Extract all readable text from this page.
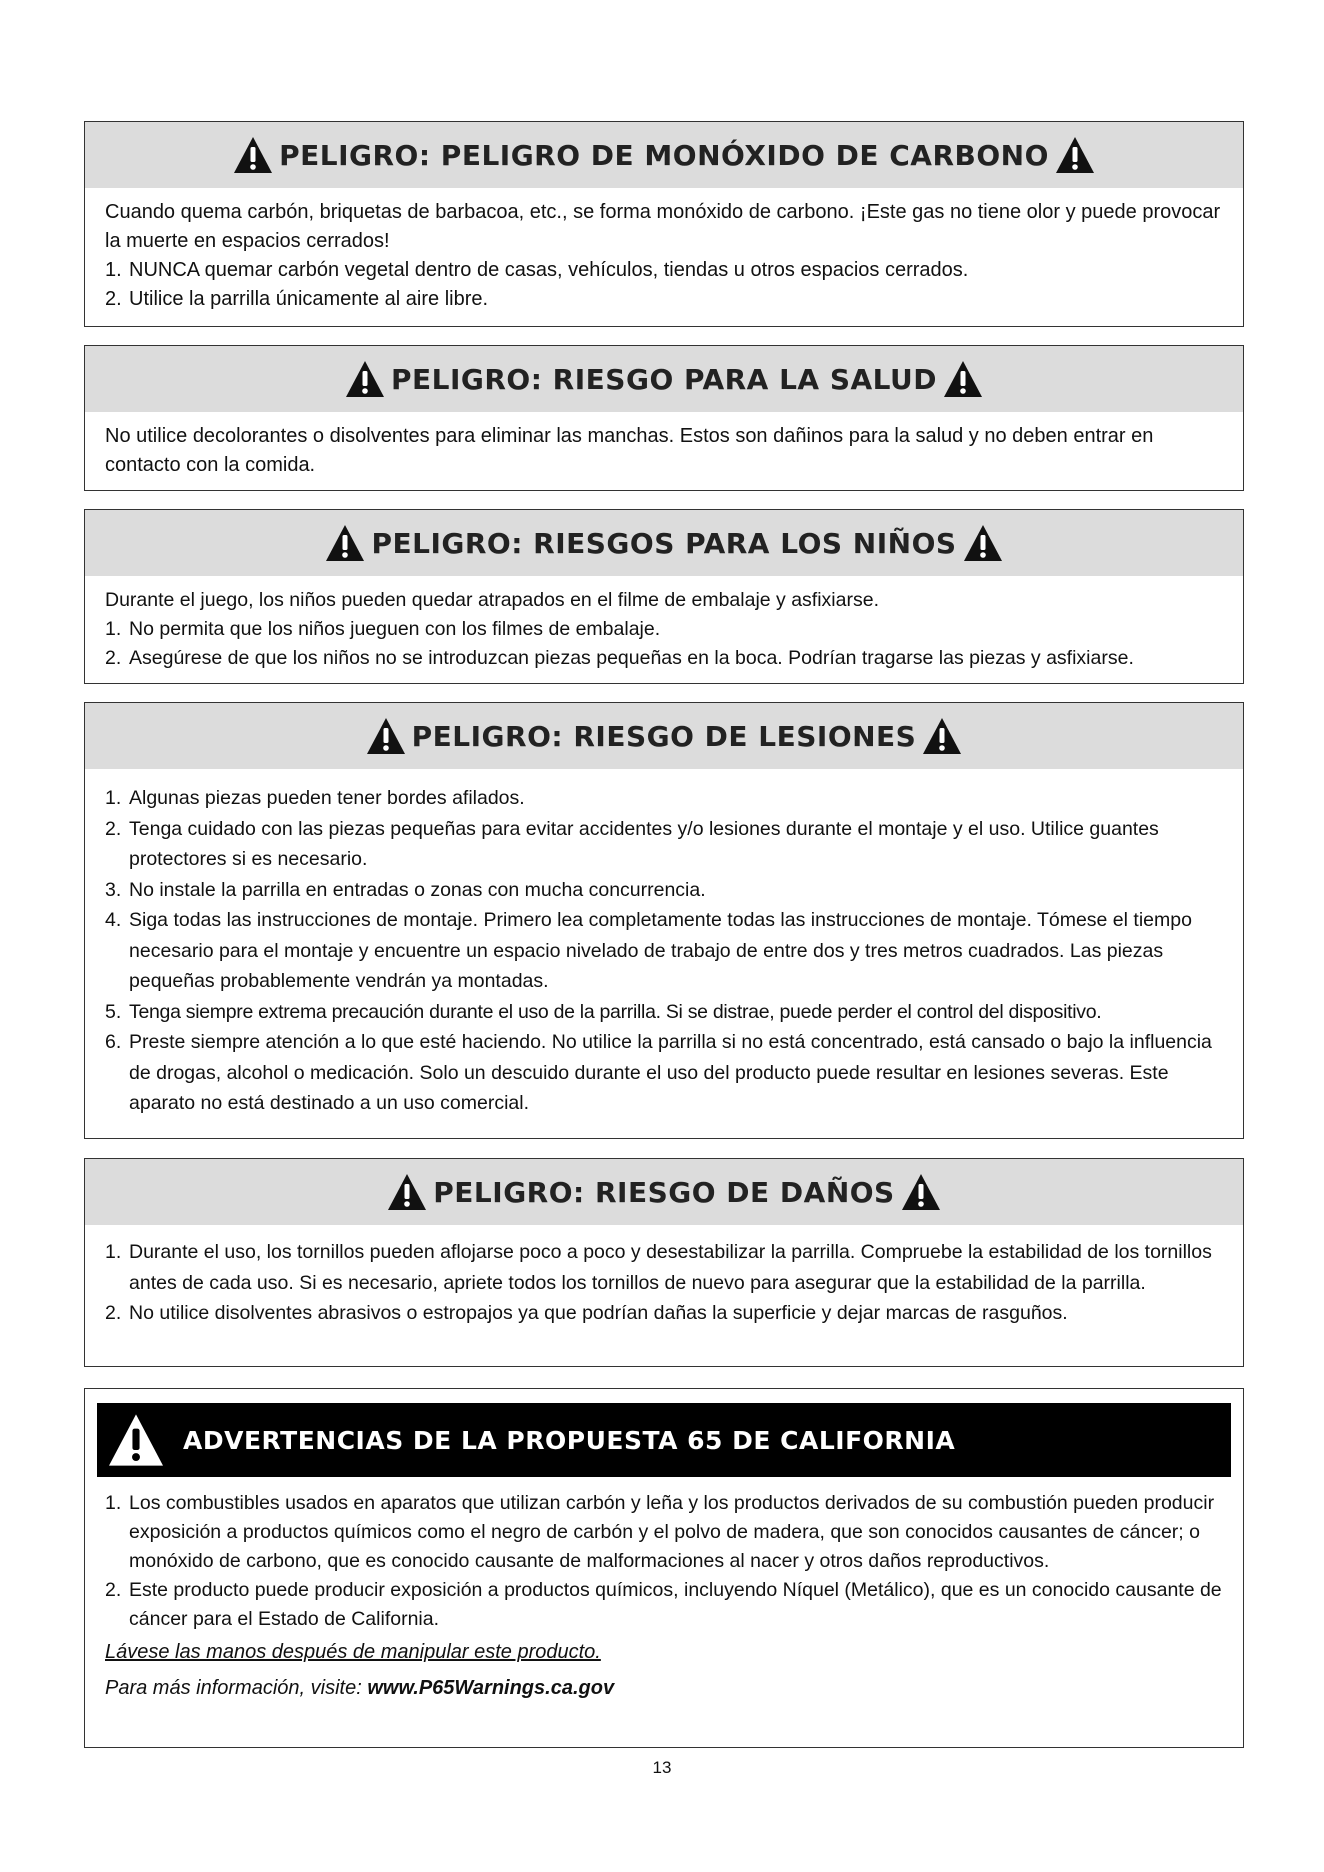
PELIGRO: PELIGRO DE MONÓXIDO DE CARBONO

Cuando quema carbón, briquetas de barbacoa, etc., se forma monóxido de carbono. ¡Este gas no tiene olor y puede provocar la muerte en espacios cerrados!

1. NUNCA quemar carbón vegetal dentro de casas, vehículos, tiendas u otros espacios cerrados.
2. Utilice la parrilla únicamente al aire libre.
PELIGRO: RIESGO PARA LA SALUD

No utilice decolorantes o disolventes para eliminar las manchas. Estos son dañinos para la salud y no deben entrar en contacto con la comida.

PELIGRO: RIESGOS PARA LOS NIÑOS

Durante el juego, los niños pueden quedar atrapados en el filme de embalaje y asfixiarse.

1. No permita que los niños jueguen con los filmes de embalaje.
2. Asegúrese de que los niños no se introduzcan piezas pequeñas en la boca. Podrían tragarse las piezas y asfixiarse.
PELIGRO: RIESGO DE LESIONES
1. Algunas piezas pueden tener bordes afilados.
2. Tenga cuidado con las piezas pequeñas para evitar accidentes y/o lesiones durante el montaje y el uso. Utilice guantes protectores si es necesario.
3. No instale la parrilla en entradas o zonas con mucha concurrencia.
4. Siga todas las instrucciones de montaje. Primero lea completamente todas las instrucciones de montaje. Tómese el tiempo necesario para el montaje y encuentre un espacio nivelado de trabajo de entre dos y tres metros cuadrados. Las piezas pequeñas probablemente vendrán ya montadas.
5. Tenga siempre extrema precaución durante el uso de la parrilla. Si se distrae, puede perder el control del dispositivo.
6. Preste siempre atención a lo que esté haciendo. No utilice la parrilla si no está concentrado, está cansado o bajo la influencia de drogas, alcohol o medicación. Solo un descuido durante el uso del producto puede resultar en lesiones severas. Este aparato no está destinado a un uso comercial.
PELIGRO: RIESGO DE DAÑOS
1. Durante el uso, los tornillos pueden aflojarse poco a poco y desestabilizar la parrilla. Compruebe la estabilidad de los tornillos antes de cada uso. Si es necesario, apriete todos los tornillos de nuevo para asegurar que la estabilidad de la parrilla.
2. No utilice disolventes abrasivos o estropajos ya que podrían dañas la superficie y dejar marcas de rasguños.
ADVERTENCIAS DE LA PROPUESTA 65 DE CALIFORNIA
1. Los combustibles usados en aparatos que utilizan carbón y leña y los productos derivados de su combustión pueden producir exposición a productos químicos como el negro de carbón y el polvo de madera, que son conocidos causantes de cáncer; o monóxido de carbono, que es conocido causante de malformaciones al nacer y otros daños reproductivos.
2. Este producto puede producir exposición a productos químicos, incluyendo Níquel (Metálico), que es un conocido causante de cáncer para el Estado de California.
Lávese las manos después de manipular este producto.
Para más información, visite: www.P65Warnings.ca.gov
13
